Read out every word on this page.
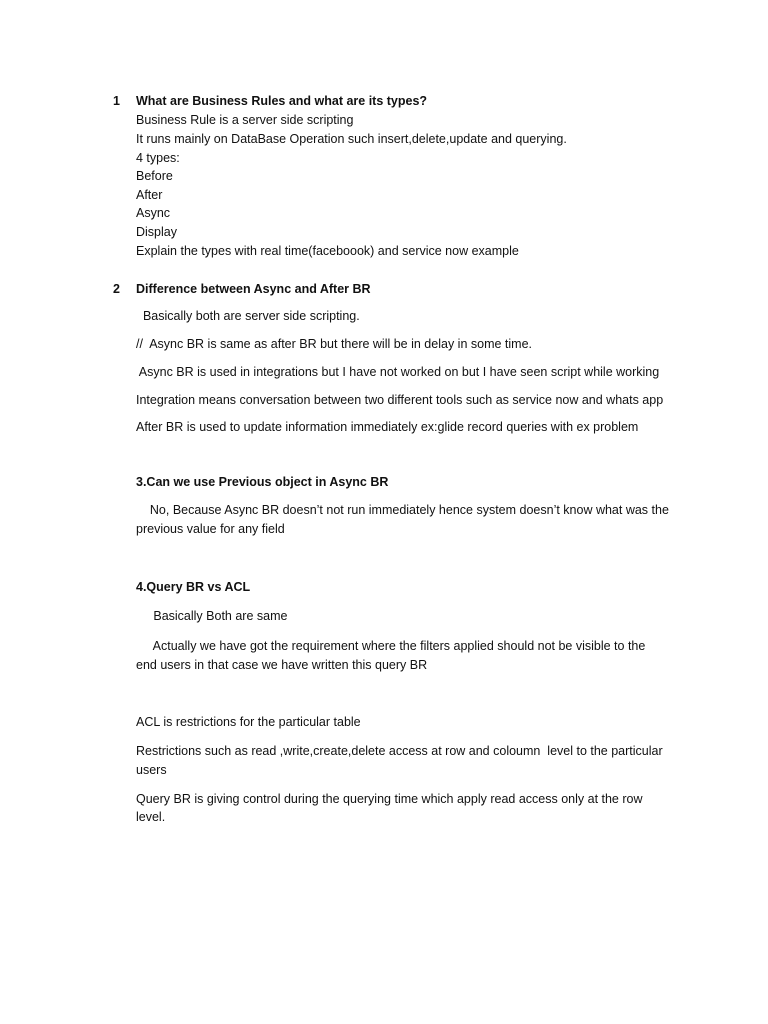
1 What are Business Rules and what are its types?
Business Rule is a server side scripting
It runs mainly on DataBase Operation such insert,delete,update and querying.
4 types:
Before
After
Async
Display
Explain the types with real time(faceboook) and service now example
2 Difference between Async and After BR
Basically both are server side scripting.
//  Async BR is same as after BR but there will be in delay in some time.
Async BR is used in integrations but I have not worked on but I have seen script while working
Integration means conversation between two different tools such as service now and whats app
After BR is used to update information immediately ex:glide record queries with ex problem
3.Can we use Previous object in Async BR
No, Because Async BR doesn’t not run immediately hence system doesn’t know what was the
previous value for any field
4.Query BR vs ACL
Basically Both are same
Actually we have got the requirement where the filters applied should not be visible to the
end users in that case we have written this query BR
ACL is restrictions for the particular table
Restrictions such as read ,write,create,delete access at row and coloumn  level to the particular
users
Query BR is giving control during the querying time which apply read access only at the row
level.
